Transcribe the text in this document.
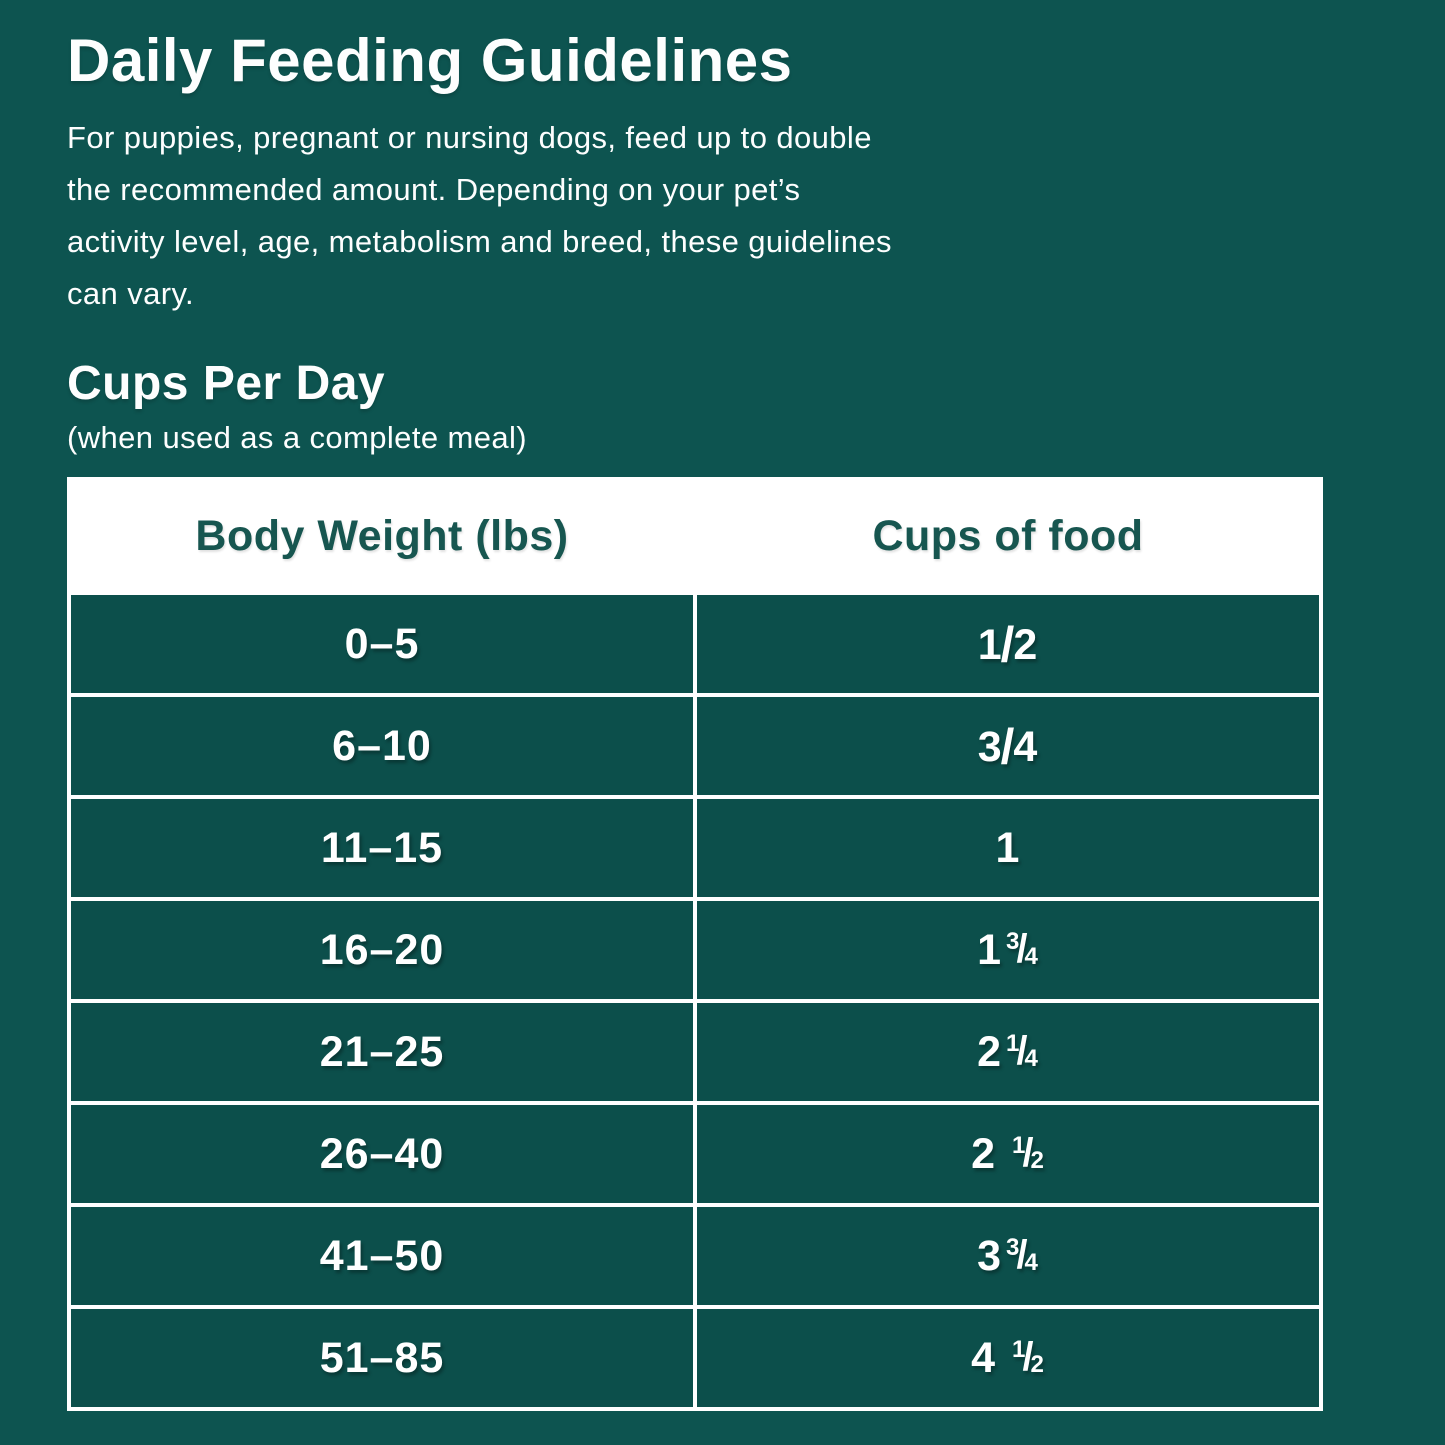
Daily Feeding Guidelines
For puppies, pregnant or nursing dogs, feed up to double
the recommended amount. Depending on your pet’s
activity level, age, metabolism and breed, these guidelines
can vary.
Cups Per Day
(when used as a complete meal)
Body Weight (lbs)	Cups of food
0–5	1/2
6–10	3/4
11–15	1
16–20	1 $^3$/4
21–25	2 $^1$/4
26–40	2 $^1$/2
41–50	3 $^3$/4
51–85	4 $^1$/2
